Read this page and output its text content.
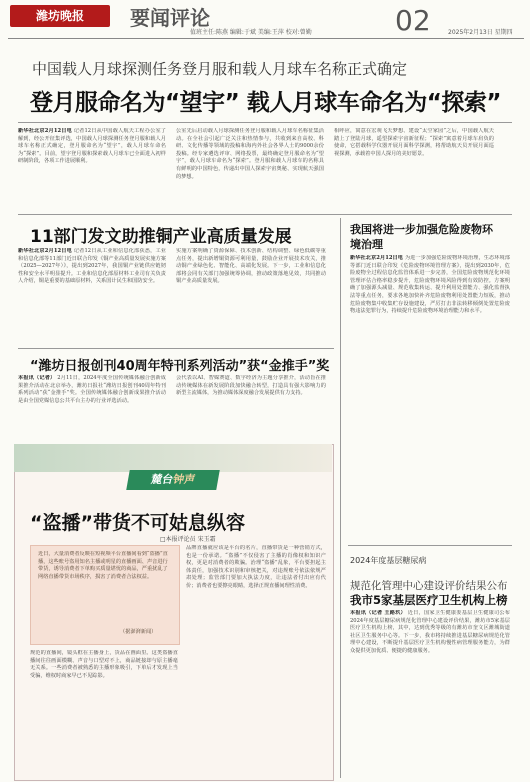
潍坊晚报	要闻评论
值班主任:陈燕 编辑:于斌 美编:王萍 校对:曾勤	02	2025年2月13日 星期四
中国载人月球探测任务登月服和载人月球车名称正式确定
登月服命名为“望宇” 载人月球车命名为“探索”
新华社北京2月12日电 记者12日从中国载人航天工程办公室了解到，经公开征集评选，中国载人月球探测任务登月服和载人月球车名称正式确定，登月服命名为“望宇”，载人月球车命名为“探索”。目前，望宇登月服和探索载人月球车已全面进入初样研制阶段，各项工作进展顺利。
公室先后启动载人月球探测任务登月服和载人月球车名称征集活动。在全社会引起广泛关注和热情参与，共收到来自高校、科研、文化传播等领域的投稿和海内外社会各界人士的9000余份投稿。经专家遴选评审、网络投票，最终确定登月服命名为“望宇”，载人月球车命名为“探索”。登月服和载人月球车的名称具有鲜明的中国特色，传递出中国人探索宇宙奥秘、实现航天强国的梦想。
相呼应，寓意在宏观飞天梦想、建设“太空家园”之后，中国载人航天踏上了登陆月球，遥望探索宇宙新征程；“探索”寓意着月球车肩负的使命，它搭载科学仪器开展月面科学探测，将帮助航天员开展月面巡视探测，承载着中国人探月的美好愿景。
11部门发文助推铜产业高质量发展
新华社北京2月12日电 记者12日从工业和信息化部获悉，工业和信息化部等11部门近日联合印发《铜产业高质量发展实施方案（2025—2027年）》，提出到2027年，我国铜产业链供应链韧性和安全水平明显提升。工业和信息化部原材料工业司有关负责人介绍，铜是重要的基础原材料，关系国计民生和国防安全。
实施方案明确了资源保障、技术创新、结构调整、绿色低碳等重点任务，提出新增铜资源可利用量，鼓励企业开展技术攻关，推动铜产业绿色化、智能化、高端化发展。下一步，工业和信息化部将会同有关部门加强统筹协调，推动政策落地见效，共同推动铜产业高质量发展。
“潍坊日报创刊40周年特刊系列活动”获“金推手”奖
本报讯（记者） 2月11日，2024年度全国传统媒体融合创新成果推介活动在北京举办，潍坊日报社“潍坊日报创刊40周年特刊系列活动”获“金推手”奖。全国传统媒体融合创新成果推介活动是由全国党媒信息公共平台主办的行业评选活动。
会代表以AI、智媒赛道、数字经济为主题分享推介，活动旨在推动传统媒体在新发展阶段加快融合转型，打造具有强大影响力的新型主流媒体，为推动媒体深度融合发展提供有力支持。
我国将进一步加强危险废物环境治理
新华社北京2月12日电 为进一步加强危险废物环境治理，生态环境部等部门近日联合印发《危险废物环境管理方案》，提出到2030年，危险废物全过程信息化监管体系进一步完善，全国危险废物规范化环境管理评估合格率稳步提升，危险废物环境风险得到有效防控。方案明确了加强源头减量、规范收集转运、提升利用处置能力、强化监督执法等重点任务，要求各地加快补齐危险废物利用处置能力短板，推动危险废物集中收集贮存设施建设，严厉打击非法转移倾倒处置危险废物违法犯罪行为，持续提升危险废物环境治理能力和水平。
麓台钟声
“盗播”带货不可姑息纵容
□本报评论员 宋玉霜
近日，大量消费者反映在短视频平台直播间看到“盗播”直播，这些账号盗用知名主播或明星的直播画面、声音进行带货，诱导消费者下单购买质量堪忧的商品，严重扰乱了网络直播带货市场秩序，损害了消费者合法权益。
（据澎湃新闻）
规范的直播间，镜头框在主播身上，货品在画面里。这类盗播直播间往往画面模糊、声音与口型对不上，商品链接却与原主播毫无关系。一些消费者被熟悉的主播形象吸引，下单后才发现上当受骗，维权时商家早已不见踪影。
品牌直播就应该是平台的名片，直播带货是一种营销方式，也是一份承诺。“盗播”不仅侵害了主播的肖像权和知识产权，更是对消费者的欺骗。治理“盗播”乱象，平台要担起主体责任，加强技术识别和审核把关，对违规账号依法依规严肃处理；监管部门要加大执法力度，让违法者付出应有代价；消费者也要擦亮眼睛，选择正规直播间理性消费。
2024年度基层糖尿病
规范化管理中心建设评价结果公布
我市5家基层医疗卫生机构上榜
本报讯（记者 王路玖） 近日，国家卫生健康委基层卫生健康司公布2024年度基层糖尿病规范化管理中心建设评价结果，潍坊市5家基层医疗卫生机构上榜，其中，达到优秀等级的有潍坊市奎文区潍城街道社区卫生服务中心等。下一步，我市将持续推进基层糖尿病规范化管理中心建设，不断提升基层医疗卫生机构慢性病管理服务能力，为群众提供更加优质、便捷的健康服务。
